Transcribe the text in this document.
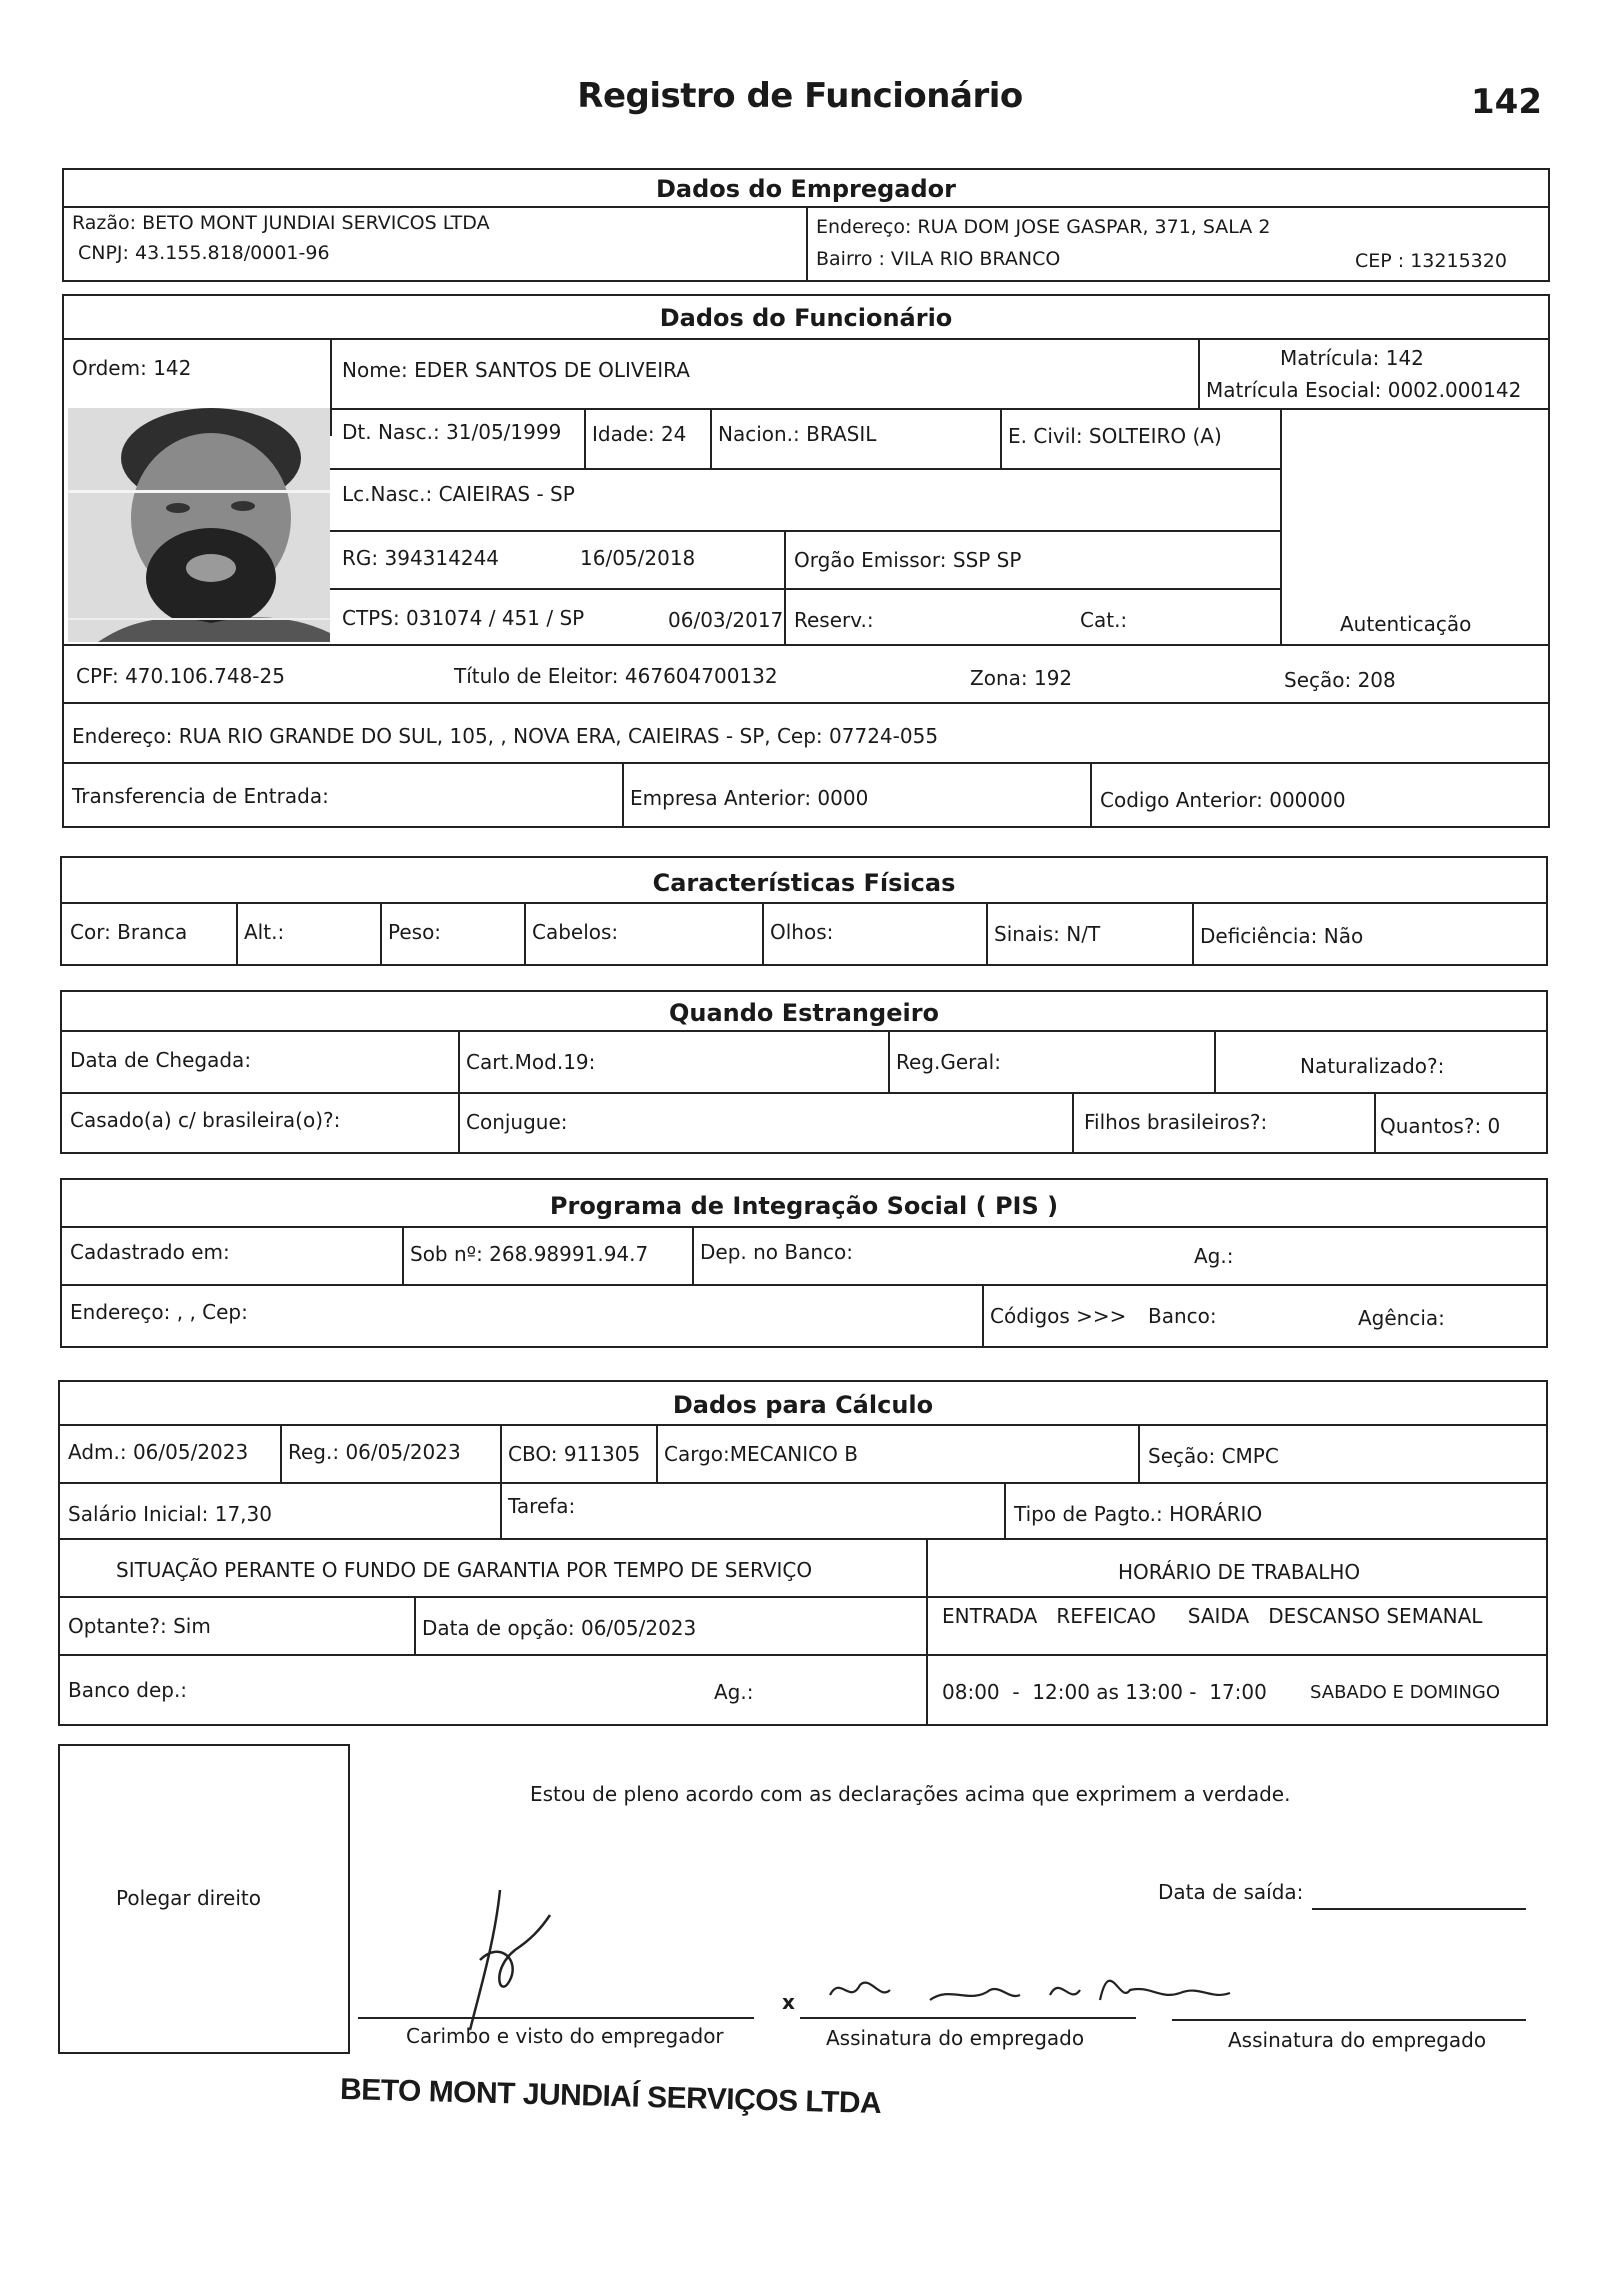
Registro de Funcionário	142
Dados do Empregador
Razão: BETO MONT JUNDIAI SERVICOS LTDA
CNPJ: 43.155.818/0001-96
Endereço: RUA DOM JOSE GASPAR, 371, SALA 2
Bairro : VILA RIO BRANCO	CEP : 13215320
Dados do Funcionário
Ordem: 142	Nome: EDER SANTOS DE OLIVEIRA	Matrícula: 142
Matrícula Esocial: 0002.000142
Dt. Nasc.: 31/05/1999	Idade: 24	Nacion.: BRASIL	E. Civil: SOLTEIRO (A)
Lc.Nasc.: CAIEIRAS - SP
RG: 394314244	16/05/2018	Orgão Emissor: SSP SP
CTPS: 031074 / 451 / SP	06/03/2017 Reserv.:	Cat.:	Autenticação
CPF: 470.106.748-25	Título de Eleitor: 467604700132	Zona: 192	Seção: 208
Endereço: RUA RIO GRANDE DO SUL, 105, , NOVA ERA, CAIEIRAS - SP, Cep: 07724-055
Transferencia de Entrada:	Empresa Anterior: 0000	Codigo Anterior: 000000
Características Físicas
Cor: Branca	Alt.:	Peso:	Cabelos:	Olhos:	Sinais: N/T	Deficiência: Não
Quando Estrangeiro
Data de Chegada:	Cart.Mod.19:	Reg.Geral:	Naturalizado?:
Casado(a) c/ brasileira(o)?:	Conjugue:	Filhos brasileiros?:	Quantos?: 0
Programa de Integração Social ( PIS )
Cadastrado em:	Sob nº: 268.98991.94.7	Dep. no Banco:	Ag.:
Endereço: , , Cep:	Códigos >>>	Banco:	Agência:
Dados para Cálculo
Adm.: 06/05/2023	Reg.: 06/05/2023	CBO: 911305	Cargo:MECANICO B	Seção: CMPC
Salário Inicial: 17,30	Tarefa:	Tipo de Pagto.: HORÁRIO
SITUAÇÃO PERANTE O FUNDO DE GARANTIA POR TEMPO DE SERVIÇO	HORÁRIO DE TRABALHO
Optante?: Sim	Data de opção: 06/05/2023	ENTRADA   REFEICAO     SAIDA   DESCANSO SEMANAL
Banco dep.:	Ag.:	08:00  -  12:00 as 13:00 -  17:00	SABADO E DOMINGO
Polegar direito
Estou de pleno acordo com as declarações acima que exprimem a verdade.
Data de saída:
x
Carimbo e visto do empregador	Assinatura do empregado	Assinatura do empregado
BETO MONT JUNDIAÍ SERVIÇOS LTDA
